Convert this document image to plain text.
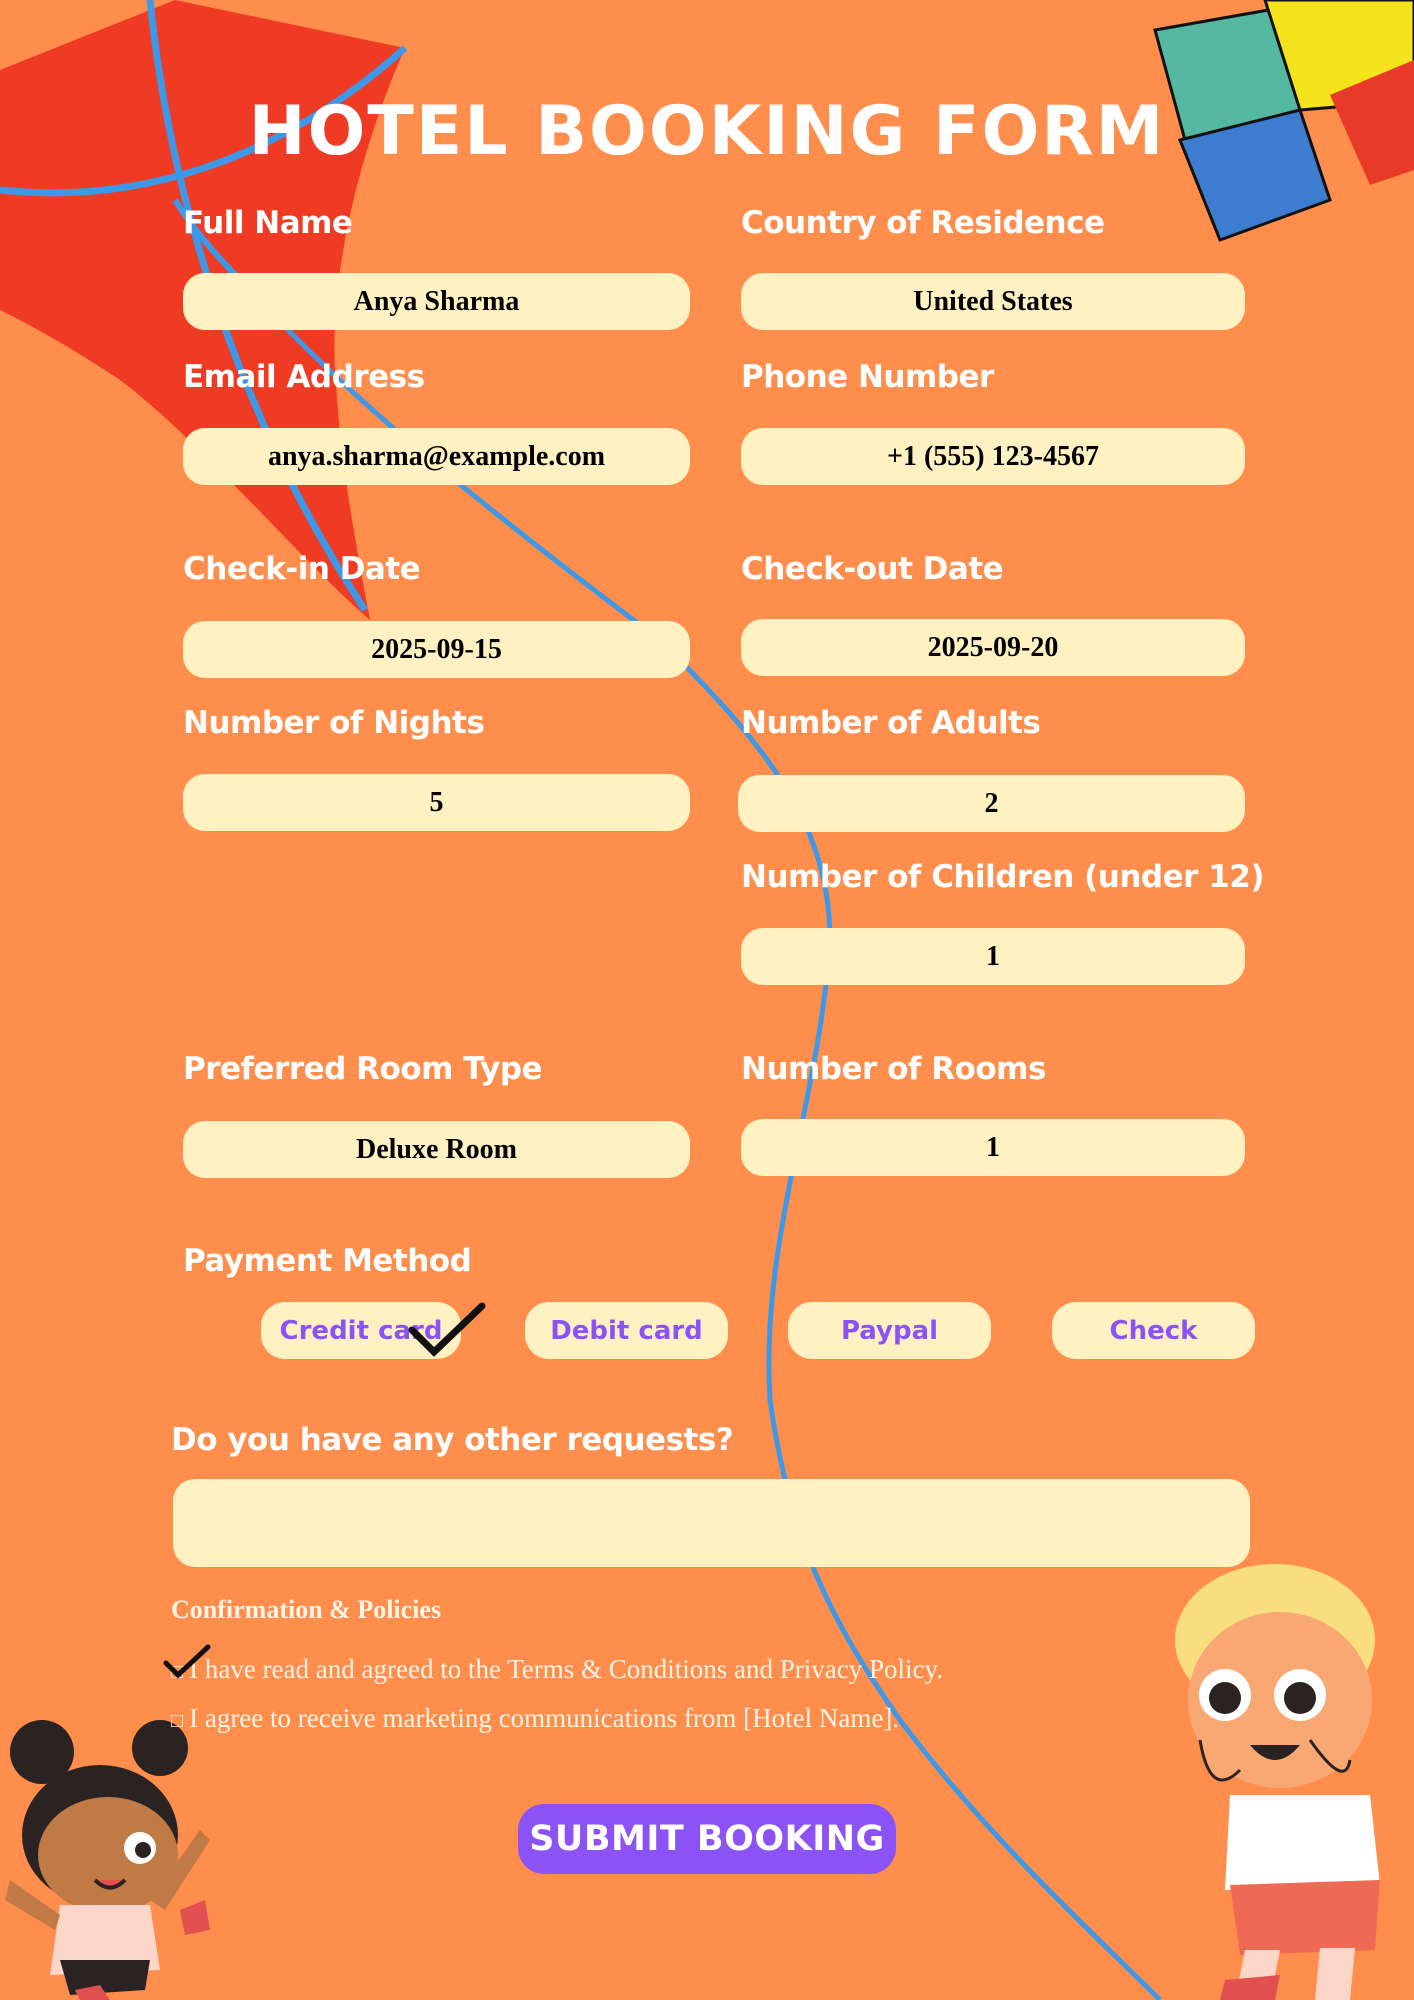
HOTEL BOOKING FORM
Full Name
Anya Sharma
Country of Residence
United States
Email Address
anya.sharma@example.com
Phone Number
+1 (555) 123-4567
Check-in Date
2025-09-15
Check-out Date
2025-09-20
Number of Nights
5
Number of Adults
2
Number of Children (under 12)
1
Preferred Room Type
Deluxe Room
Number of Rooms
1
Payment Method
Credit card	Debit card	Paypal	Check
Do you have any other requests?
Confirmation & Policies
□ I have read and agreed to the Terms & Conditions and Privacy Policy.
□ I agree to receive marketing communications from [Hotel Name].
SUBMIT BOOKING
